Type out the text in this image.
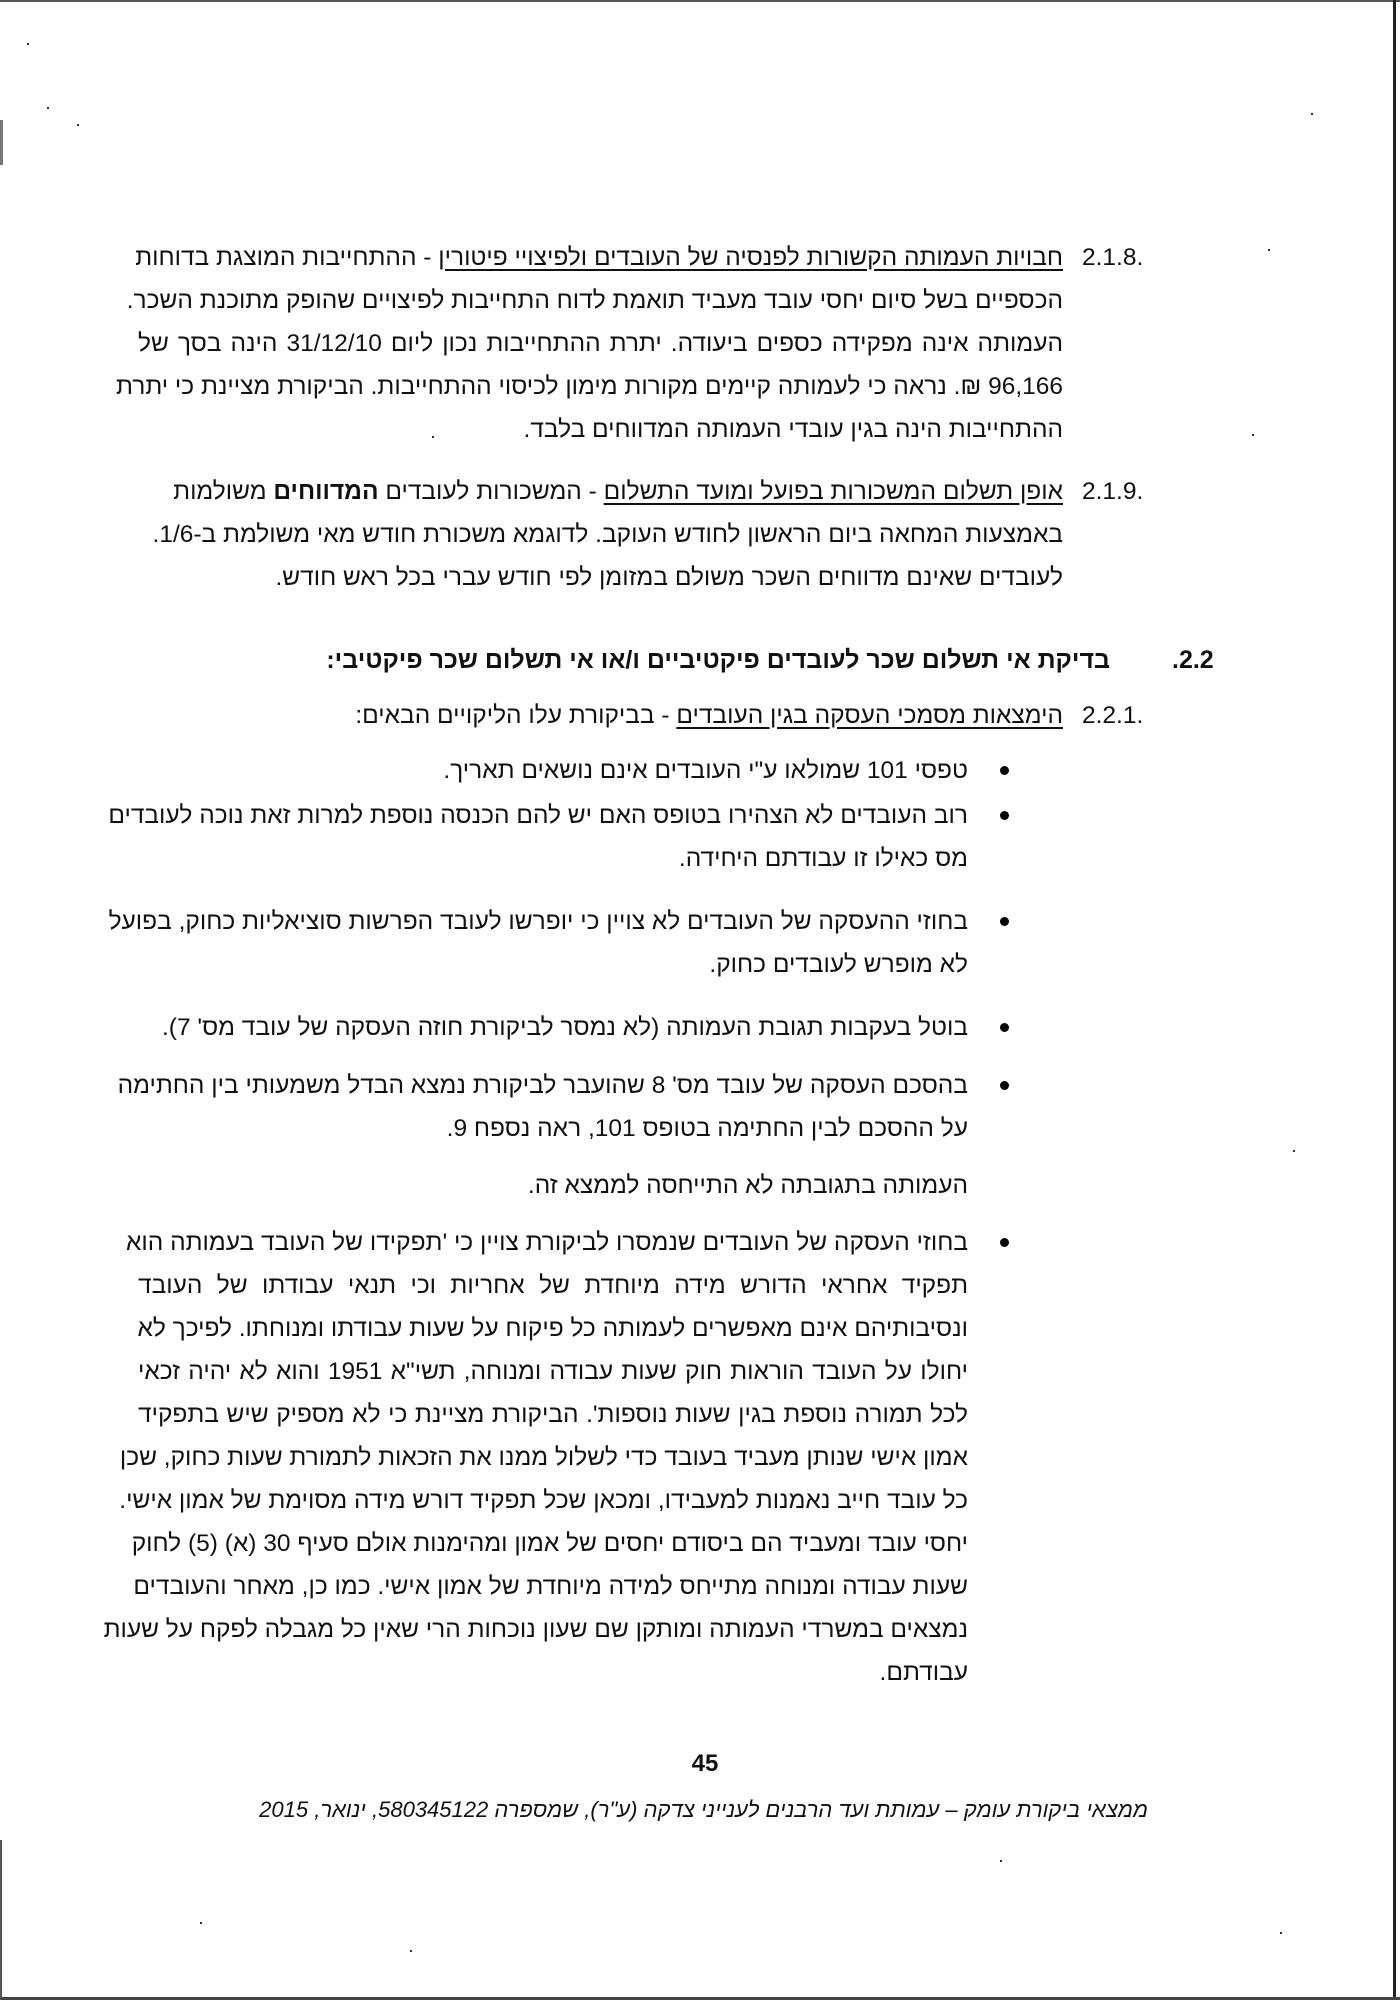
2.1.8.
חבויות העמותה הקשורות לפנסיה של העובדים ולפיצויי פיטורין - ההתחייבות המוצגת בדוחות
הכספיים בשל סיום יחסי עובד מעביד תואמת לדוח התחייבות לפיצויים שהופק מתוכנת השכר.
העמותה אינה מפקידה כספים ביעודה. יתרת ההתחייבות נכון ליום 31/12/10 הינה בסך של
96,166 ₪. נראה כי לעמותה קיימים מקורות מימון לכיסוי ההתחייבות. הביקורת מציינת כי יתרת
ההתחייבות הינה בגין עובדי העמותה המדווחים בלבד.
2.1.9.
אופן תשלום המשכורות בפועל ומועד התשלום - המשכורות לעובדים המדווחים משולמות
באמצעות המחאה ביום הראשון לחודש העוקב. לדוגמא משכורת חודש מאי משולמת ב-1/6.
לעובדים שאינם מדווחים השכר משולם במזומן לפי חודש עברי בכל ראש חודש.
.2.2
בדיקת אי תשלום שכר לעובדים פיקטיביים ו/או אי תשלום שכר פיקטיבי:
2.2.1.
הימצאות מסמכי העסקה בגין העובדים - בביקורת עלו הליקויים הבאים:
טפסי 101 שמולאו ע"י העובדים אינם נושאים תאריך.
רוב העובדים לא הצהירו בטופס האם יש להם הכנסה נוספת למרות זאת נוכה לעובדים
מס כאילו זו עבודתם היחידה.
בחוזי ההעסקה של העובדים לא צויין כי יופרשו לעובד הפרשות סוציאליות כחוק, בפועל
לא מופרש לעובדים כחוק.
בוטל בעקבות תגובת העמותה (לא נמסר לביקורת חוזה העסקה של עובד מס' 7).
בהסכם העסקה של עובד מס' 8 שהועבר לביקורת נמצא הבדל משמעותי בין החתימה
על ההסכם לבין החתימה בטופס 101, ראה נספח 9.
העמותה בתגובתה לא התייחסה לממצא זה.
בחוזי העסקה של העובדים שנמסרו לביקורת צויין כי 'תפקידו של העובד בעמותה הוא
תפקיד אחראי הדורש מידה מיוחדת של אחריות וכי תנאי עבודתו של העובד
ונסיבותיהם אינם מאפשרים לעמותה כל פיקוח על שעות עבודתו ומנוחתו. לפיכך לא
יחולו על העובד הוראות חוק שעות עבודה ומנוחה, תשי"א 1951 והוא לא יהיה זכאי
לכל תמורה נוספת בגין שעות נוספות'. הביקורת מציינת כי לא מספיק שיש בתפקיד
אמון אישי שנותן מעביד בעובד כדי לשלול ממנו את הזכאות לתמורת שעות כחוק, שכן
כל עובד חייב נאמנות למעבידו, ומכאן שכל תפקיד דורש מידה מסוימת של אמון אישי.
יחסי עובד ומעביד הם ביסודם יחסים של אמון ומהימנות אולם סעיף 30 (א) (5) לחוק
שעות עבודה ומנוחה מתייחס למידה מיוחדת של אמון אישי. כמו כן, מאחר והעובדים
נמצאים במשרדי העמותה ומותקן שם שעון נוכחות הרי שאין כל מגבלה לפקח על שעות
עבודתם.
45
ממצאי ביקורת עומק – עמותת ועד הרבנים לענייני צדקה (ע"ר), שמספרה 580345122, ינואר, 2015
